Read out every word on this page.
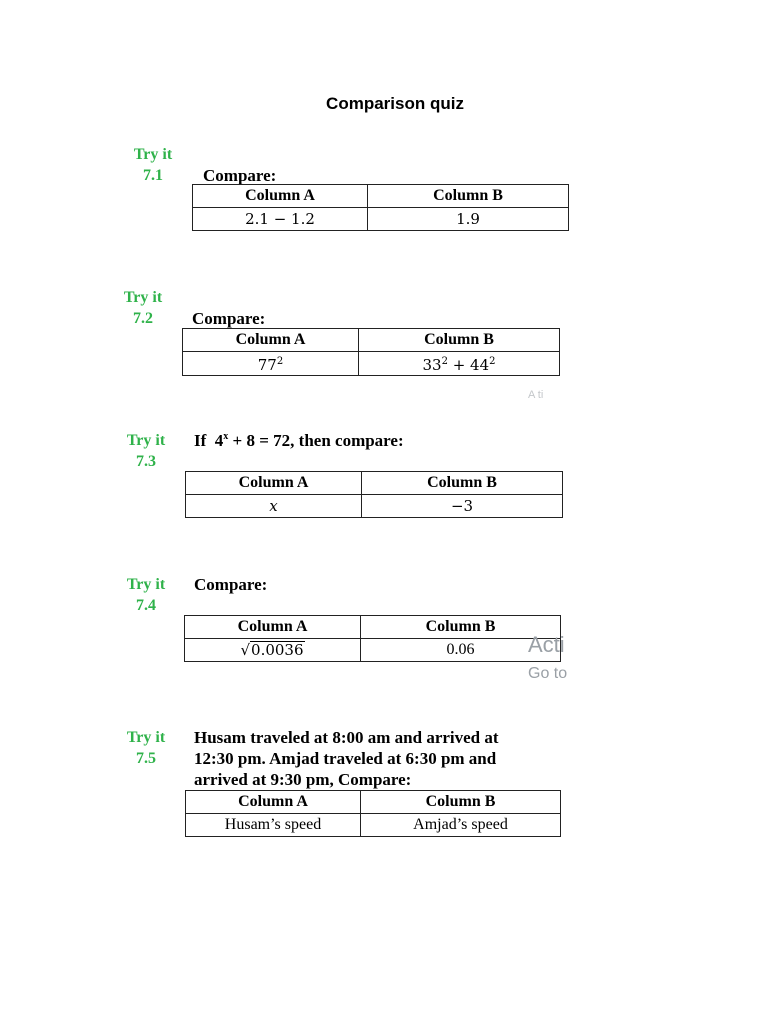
Comparison quiz
Try it
7.1	Compare:
Column A	Column B
2.1 − 1.2	1.9
Try it
7.2	Compare:
Column A	Column B
$77^2$	$33^2 + 44^2$
A ti
Try it
7.3
If  $4^x + 8 = 72$, then compare:
Column A	Column B
x	−3
Try it
7.4
Compare:
Column A	Column B
√0.0036	0.06 Acti
Go to
Try it
7.5
Husam traveled at 8:00 am and arrived at
12:30 pm. Amjad traveled at 6:30 pm and
arrived at 9:30 pm, Compare:
Column A	Column B
Husam’s speed	Amjad’s speed
